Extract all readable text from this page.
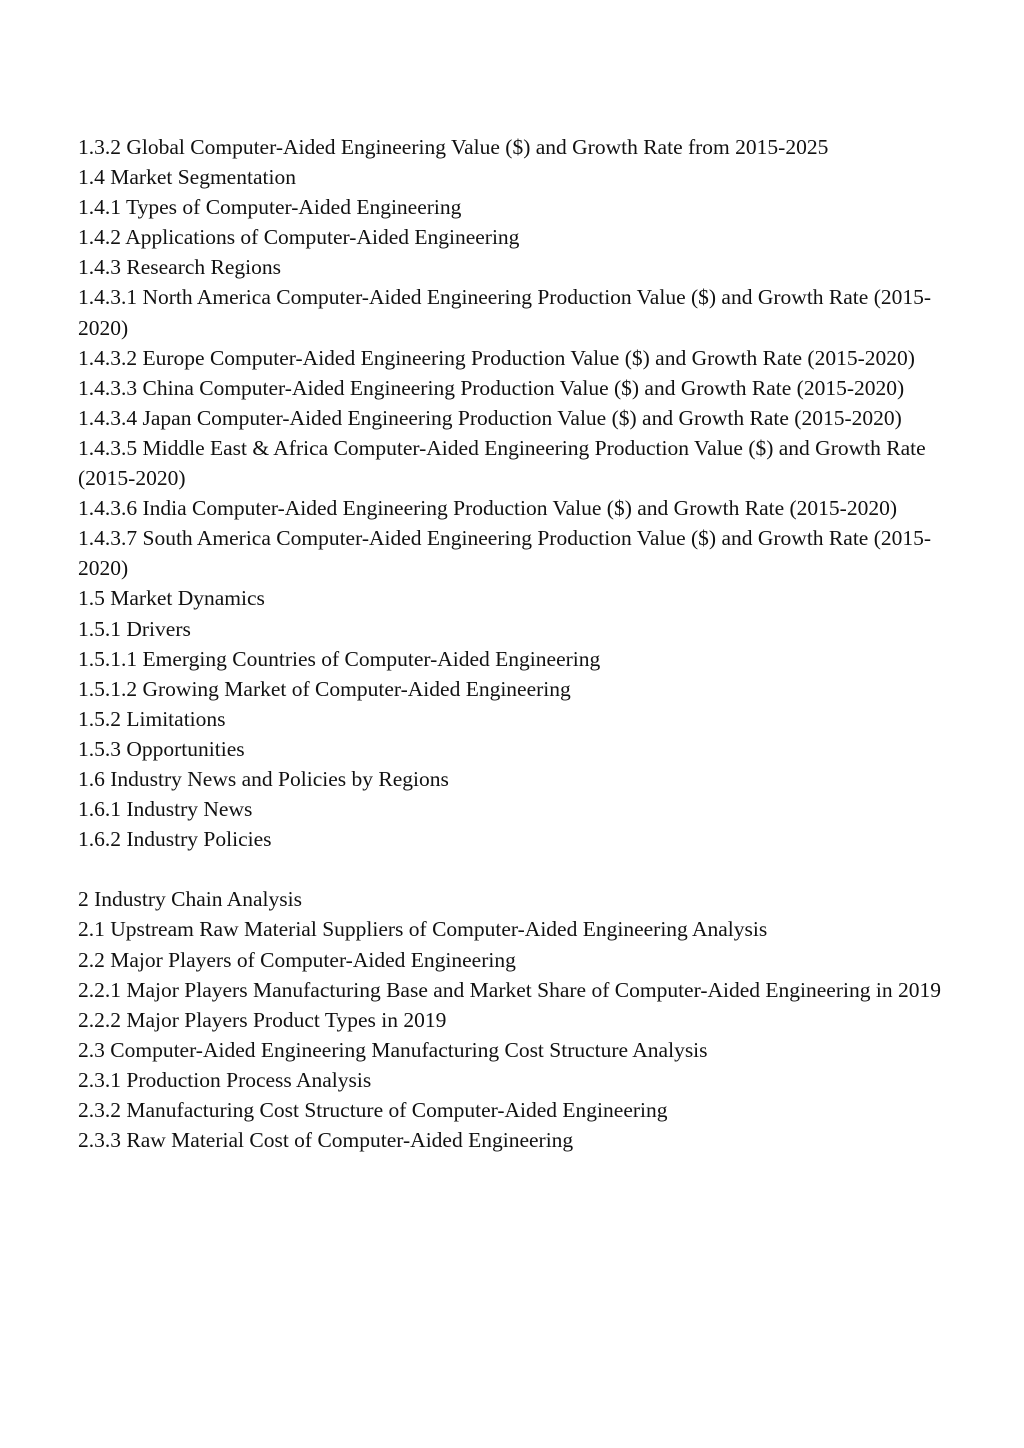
1.3.2 Global Computer-Aided Engineering Value ($) and Growth Rate from 2015-2025
1.4 Market Segmentation
1.4.1 Types of Computer-Aided Engineering
1.4.2 Applications of Computer-Aided Engineering
1.4.3 Research Regions
1.4.3.1 North America Computer-Aided Engineering Production Value ($) and Growth Rate (2015-2020)
1.4.3.2 Europe Computer-Aided Engineering Production Value ($) and Growth Rate (2015-2020)
1.4.3.3 China Computer-Aided Engineering Production Value ($) and Growth Rate (2015-2020)
1.4.3.4 Japan Computer-Aided Engineering Production Value ($) and Growth Rate (2015-2020)
1.4.3.5 Middle East & Africa Computer-Aided Engineering Production Value ($) and Growth Rate (2015-2020)
1.4.3.6 India Computer-Aided Engineering Production Value ($) and Growth Rate (2015-2020)
1.4.3.7 South America Computer-Aided Engineering Production Value ($) and Growth Rate (2015-2020)
1.5 Market Dynamics
1.5.1 Drivers
1.5.1.1 Emerging Countries of Computer-Aided Engineering
1.5.1.2 Growing Market of Computer-Aided Engineering
1.5.2 Limitations
1.5.3 Opportunities
1.6 Industry News and Policies by Regions
1.6.1 Industry News
1.6.2 Industry Policies
2 Industry Chain Analysis
2.1 Upstream Raw Material Suppliers of Computer-Aided Engineering Analysis
2.2 Major Players of Computer-Aided Engineering
2.2.1 Major Players Manufacturing Base and Market Share of Computer-Aided Engineering in 2019
2.2.2 Major Players Product Types in 2019
2.3 Computer-Aided Engineering Manufacturing Cost Structure Analysis
2.3.1 Production Process Analysis
2.3.2 Manufacturing Cost Structure of Computer-Aided Engineering
2.3.3 Raw Material Cost of Computer-Aided Engineering
